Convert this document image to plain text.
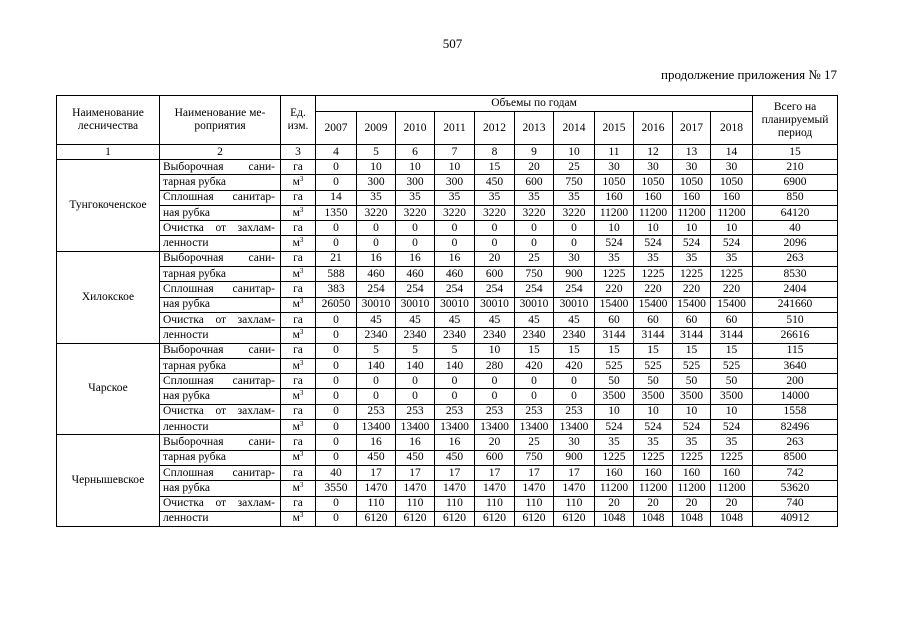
507
продолжение приложения № 17
Наименование лесничества	Наименование ме-роприятия	Ед. изм.	Объемы по годам											Всего на планируемый период
			2007	2009	2010	2011	2012	2013	2014	2015	2016	2017	2018	
1	2	3	4	5	6	7	8	9	10	11	12	13	14	15
Тунгокоченское	Выборочная сани-	га	0	10	10	10	15	20	25	30	30	30	30	210
	тарная рубка	$м^3$	0	300	300	300	450	600	750	1050	1050	1050	1050	6900

	Сплошная санитар-	га	14	35	35	35	35	35	35	160	160	160	160	850
	ная рубка	$м^3$	1350	3220	3220	3220	3220	3220	3220	11200	11200	11200	11200	64120

	Очистка от захлам-	га	0	0	0	0	0	0	0	10	10	10	10	40
	ленности	$м^3$	0	0	0	0	0	0	0	524	524	524	524	2096
Хилокское	Выборочная сани-	га	21	16	16	16	20	25	30	35	35	35	35	263
	тарная рубка	$м^3$	588	460	460	460	600	750	900	1225	1225	1225	1225	8530

	Сплошная санитар-	га	383	254	254	254	254	254	254	220	220	220	220	2404
	ная рубка	$м^3$	26050	30010	30010	30010	30010	30010	30010	15400	15400	15400	15400	241660

	Очистка от захлам-	га	0	45	45	45	45	45	45	60	60	60	60	510
	ленности	$м^3$	0	2340	2340	2340	2340	2340	2340	3144	3144	3144	3144	26616
Чарское	Выборочная сани-	га	0	5	5	5	10	15	15	15	15	15	15	115
	тарная рубка	$м^3$	0	140	140	140	280	420	420	525	525	525	525	3640

	Сплошная санитар-	га	0	0	0	0	0	0	0	50	50	50	50	200
	ная рубка	$м^3$	0	0	0	0	0	0	0	3500	3500	3500	3500	14000

	Очистка от захлам-	га	0	253	253	253	253	253	253	10	10	10	10	1558
	ленности	$м^3$	0	13400	13400	13400	13400	13400	13400	524	524	524	524	82496
Чернышевское	Выборочная сани-	га	0	16	16	16	20	25	30	35	35	35	35	263
	тарная рубка	$м^3$	0	450	450	450	600	750	900	1225	1225	1225	1225	8500

	Сплошная санитар-	га	40	17	17	17	17	17	17	160	160	160	160	742
	ная рубка	$м^3$	3550	1470	1470	1470	1470	1470	1470	11200	11200	11200	11200	53620

	Очистка от захлам-	га	0	110	110	110	110	110	110	20	20	20	20	740
	ленности	$м^3$	0	6120	6120	6120	6120	6120	6120	1048	1048	1048	1048	40912
